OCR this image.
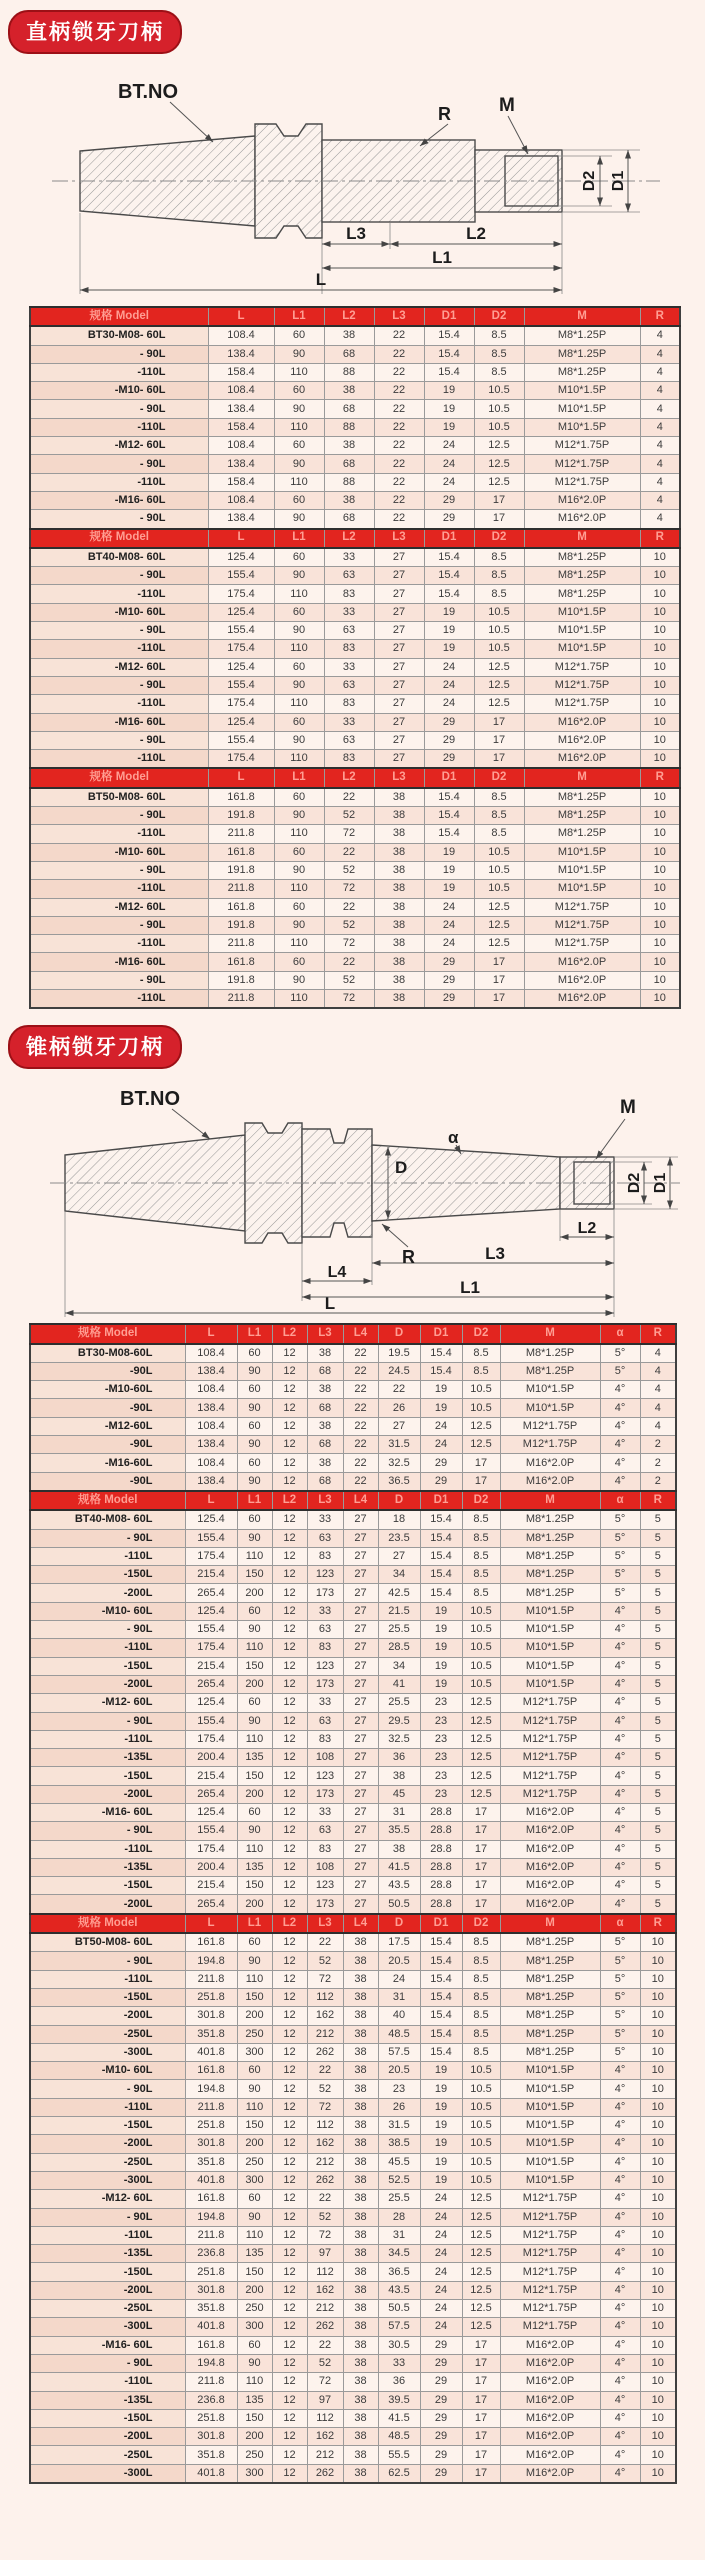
直柄锁牙刀柄
BT.NO
R	M
D2 D1
L3	L2
L1
L
规格 Model	L	L1	L2	L3	D1	D2	M	R
BT30-M08- 60L	108.4	60	38	22	15.4	8.5	M8*1.25P	4
- 90L	138.4	90	68	22	15.4	8.5	M8*1.25P	4
-110L	158.4	110	88	22	15.4	8.5	M8*1.25P	4
-M10- 60L	108.4	60	38	22	19	10.5	M10*1.5P	4
- 90L	138.4	90	68	22	19	10.5	M10*1.5P	4
-110L	158.4	110	88	22	19	10.5	M10*1.5P	4
-M12- 60L	108.4	60	38	22	24	12.5	M12*1.75P	4
- 90L	138.4	90	68	22	24	12.5	M12*1.75P	4
-110L	158.4	110	88	22	24	12.5	M12*1.75P	4
-M16- 60L	108.4	60	38	22	29	17	M16*2.0P	4
- 90L	138.4	90	68	22	29	17	M16*2.0P	4
规格 Model	L	L1	L2	L3	D1	D2	M	R
BT40-M08- 60L	125.4	60	33	27	15.4	8.5	M8*1.25P	10
- 90L	155.4	90	63	27	15.4	8.5	M8*1.25P	10
-110L	175.4	110	83	27	15.4	8.5	M8*1.25P	10
-M10- 60L	125.4	60	33	27	19	10.5	M10*1.5P	10
- 90L	155.4	90	63	27	19	10.5	M10*1.5P	10
-110L	175.4	110	83	27	19	10.5	M10*1.5P	10
-M12- 60L	125.4	60	33	27	24	12.5	M12*1.75P	10
- 90L	155.4	90	63	27	24	12.5	M12*1.75P	10
-110L	175.4	110	83	27	24	12.5	M12*1.75P	10
-M16- 60L	125.4	60	33	27	29	17	M16*2.0P	10
- 90L	155.4	90	63	27	29	17	M16*2.0P	10
-110L	175.4	110	83	27	29	17	M16*2.0P	10
规格 Model	L	L1	L2	L3	D1	D2	M	R
BT50-M08- 60L	161.8	60	22	38	15.4	8.5	M8*1.25P	10
- 90L	191.8	90	52	38	15.4	8.5	M8*1.25P	10
-110L	211.8	110	72	38	15.4	8.5	M8*1.25P	10
-M10- 60L	161.8	60	22	38	19	10.5	M10*1.5P	10
- 90L	191.8	90	52	38	19	10.5	M10*1.5P	10
-110L	211.8	110	72	38	19	10.5	M10*1.5P	10
-M12- 60L	161.8	60	22	38	24	12.5	M12*1.75P	10
- 90L	191.8	90	52	38	24	12.5	M12*1.75P	10
-110L	211.8	110	72	38	24	12.5	M12*1.75P	10
-M16- 60L	161.8	60	22	38	29	17	M16*2.0P	10
- 90L	191.8	90	52	38	29	17	M16*2.0P	10
-110L	211.8	110	72	38	29	17	M16*2.0P	10
锥柄锁牙刀柄
BT.NO	M
α
D
R
D2 D1
L2
L3
L4
L1
L
规格 Model	L	L1	L2	L3	L4	D	D1	D2	M	α	R
BT30-M08-60L	108.4	60	12	38	22	19.5	15.4	8.5	M8*1.25P	5°	4
-90L	138.4	90	12	68	22	24.5	15.4	8.5	M8*1.25P	5°	4
-M10-60L	108.4	60	12	38	22	22	19	10.5	M10*1.5P	4°	4
-90L	138.4	90	12	68	22	26	19	10.5	M10*1.5P	4°	4
-M12-60L	108.4	60	12	38	22	27	24	12.5	M12*1.75P	4°	4
-90L	138.4	90	12	68	22	31.5	24	12.5	M12*1.75P	4°	2
-M16-60L	108.4	60	12	38	22	32.5	29	17	M16*2.0P	4°	2
-90L	138.4	90	12	68	22	36.5	29	17	M16*2.0P	4°	2
规格 Model	L	L1	L2	L3	L4	D	D1	D2	M	α	R
BT40-M08- 60L	125.4	60	12	33	27	18	15.4	8.5	M8*1.25P	5°	5
- 90L	155.4	90	12	63	27	23.5	15.4	8.5	M8*1.25P	5°	5
-110L	175.4	110	12	83	27	27	15.4	8.5	M8*1.25P	5°	5
-150L	215.4	150	12	123	27	34	15.4	8.5	M8*1.25P	5°	5
-200L	265.4	200	12	173	27	42.5	15.4	8.5	M8*1.25P	5°	5
-M10- 60L	125.4	60	12	33	27	21.5	19	10.5	M10*1.5P	4°	5
- 90L	155.4	90	12	63	27	25.5	19	10.5	M10*1.5P	4°	5
-110L	175.4	110	12	83	27	28.5	19	10.5	M10*1.5P	4°	5
-150L	215.4	150	12	123	27	34	19	10.5	M10*1.5P	4°	5
-200L	265.4	200	12	173	27	41	19	10.5	M10*1.5P	4°	5
-M12- 60L	125.4	60	12	33	27	25.5	23	12.5	M12*1.75P	4°	5
- 90L	155.4	90	12	63	27	29.5	23	12.5	M12*1.75P	4°	5
-110L	175.4	110	12	83	27	32.5	23	12.5	M12*1.75P	4°	5
-135L	200.4	135	12	108	27	36	23	12.5	M12*1.75P	4°	5
-150L	215.4	150	12	123	27	38	23	12.5	M12*1.75P	4°	5
-200L	265.4	200	12	173	27	45	23	12.5	M12*1.75P	4°	5
-M16- 60L	125.4	60	12	33	27	31	28.8	17	M16*2.0P	4°	5
- 90L	155.4	90	12	63	27	35.5	28.8	17	M16*2.0P	4°	5
-110L	175.4	110	12	83	27	38	28.8	17	M16*2.0P	4°	5
-135L	200.4	135	12	108	27	41.5	28.8	17	M16*2.0P	4°	5
-150L	215.4	150	12	123	27	43.5	28.8	17	M16*2.0P	4°	5
-200L	265.4	200	12	173	27	50.5	28.8	17	M16*2.0P	4°	5
规格 Model	L	L1	L2	L3	L4	D	D1	D2	M	α	R
BT50-M08- 60L	161.8	60	12	22	38	17.5	15.4	8.5	M8*1.25P	5°	10
- 90L	194.8	90	12	52	38	20.5	15.4	8.5	M8*1.25P	5°	10
-110L	211.8	110	12	72	38	24	15.4	8.5	M8*1.25P	5°	10
-150L	251.8	150	12	112	38	31	15.4	8.5	M8*1.25P	5°	10
-200L	301.8	200	12	162	38	40	15.4	8.5	M8*1.25P	5°	10
-250L	351.8	250	12	212	38	48.5	15.4	8.5	M8*1.25P	5°	10
-300L	401.8	300	12	262	38	57.5	15.4	8.5	M8*1.25P	5°	10
-M10- 60L	161.8	60	12	22	38	20.5	19	10.5	M10*1.5P	4°	10
- 90L	194.8	90	12	52	38	23	19	10.5	M10*1.5P	4°	10
-110L	211.8	110	12	72	38	26	19	10.5	M10*1.5P	4°	10
-150L	251.8	150	12	112	38	31.5	19	10.5	M10*1.5P	4°	10
-200L	301.8	200	12	162	38	38.5	19	10.5	M10*1.5P	4°	10
-250L	351.8	250	12	212	38	45.5	19	10.5	M10*1.5P	4°	10
-300L	401.8	300	12	262	38	52.5	19	10.5	M10*1.5P	4°	10
-M12- 60L	161.8	60	12	22	38	25.5	24	12.5	M12*1.75P	4°	10
- 90L	194.8	90	12	52	38	28	24	12.5	M12*1.75P	4°	10
-110L	211.8	110	12	72	38	31	24	12.5	M12*1.75P	4°	10
-135L	236.8	135	12	97	38	34.5	24	12.5	M12*1.75P	4°	10
-150L	251.8	150	12	112	38	36.5	24	12.5	M12*1.75P	4°	10
-200L	301.8	200	12	162	38	43.5	24	12.5	M12*1.75P	4°	10
-250L	351.8	250	12	212	38	50.5	24	12.5	M12*1.75P	4°	10
-300L	401.8	300	12	262	38	57.5	24	12.5	M12*1.75P	4°	10
-M16- 60L	161.8	60	12	22	38	30.5	29	17	M16*2.0P	4°	10
- 90L	194.8	90	12	52	38	33	29	17	M16*2.0P	4°	10
-110L	211.8	110	12	72	38	36	29	17	M16*2.0P	4°	10
-135L	236.8	135	12	97	38	39.5	29	17	M16*2.0P	4°	10
-150L	251.8	150	12	112	38	41.5	29	17	M16*2.0P	4°	10
-200L	301.8	200	12	162	38	48.5	29	17	M16*2.0P	4°	10
-250L	351.8	250	12	212	38	55.5	29	17	M16*2.0P	4°	10
-300L	401.8	300	12	262	38	62.5	29	17	M16*2.0P	4°	10
